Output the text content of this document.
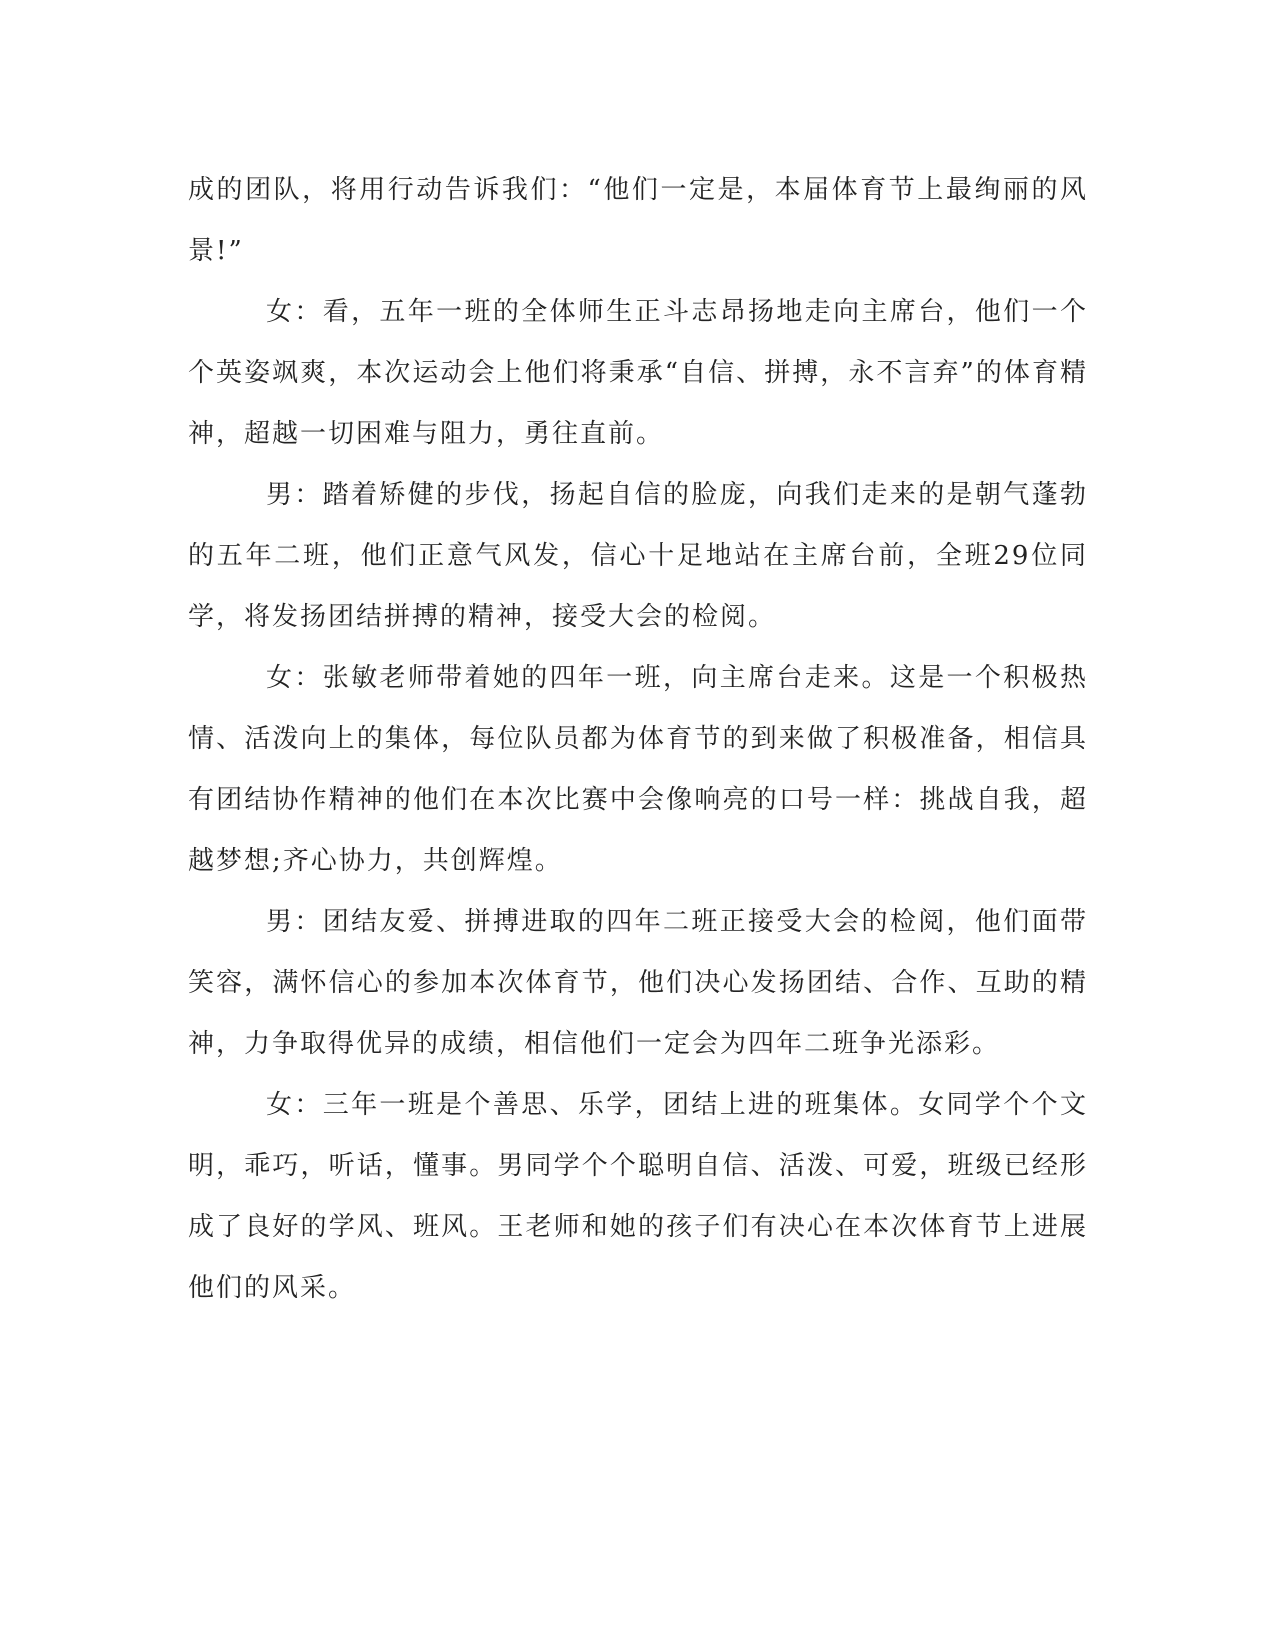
成的团队，将用行动告诉我们：“他们一定是，本届体育节上最绚丽的风景!”

女：看，五年一班的全体师生正斗志昂扬地走向主席台，他们一个个英姿飒爽，本次运动会上他们将秉承“自信、拼搏，永不言弃”的体育精神，超越一切困难与阻力，勇往直前。

男：踏着矫健的步伐，扬起自信的脸庞，向我们走来的是朝气蓬勃的五年二班，他们正意气风发，信心十足地站在主席台前，全班29位同学，将发扬团结拼搏的精神，接受大会的检阅。

女：张敏老师带着她的四年一班，向主席台走来。这是一个积极热情、活泼向上的集体，每位队员都为体育节的到来做了积极准备，相信具有团结协作精神的他们在本次比赛中会像响亮的口号一样：挑战自我，超越梦想;齐心协力，共创辉煌。

男：团结友爱、拼搏进取的四年二班正接受大会的检阅，他们面带笑容，满怀信心的参加本次体育节，他们决心发扬团结、合作、互助的精神，力争取得优异的成绩，相信他们一定会为四年二班争光添彩。

女：三年一班是个善思、乐学，团结上进的班集体。女同学个个文明，乖巧，听话，懂事。男同学个个聪明自信、活泼、可爱，班级已经形成了良好的学风、班风。王老师和她的孩子们有决心在本次体育节上进展他们的风采。
